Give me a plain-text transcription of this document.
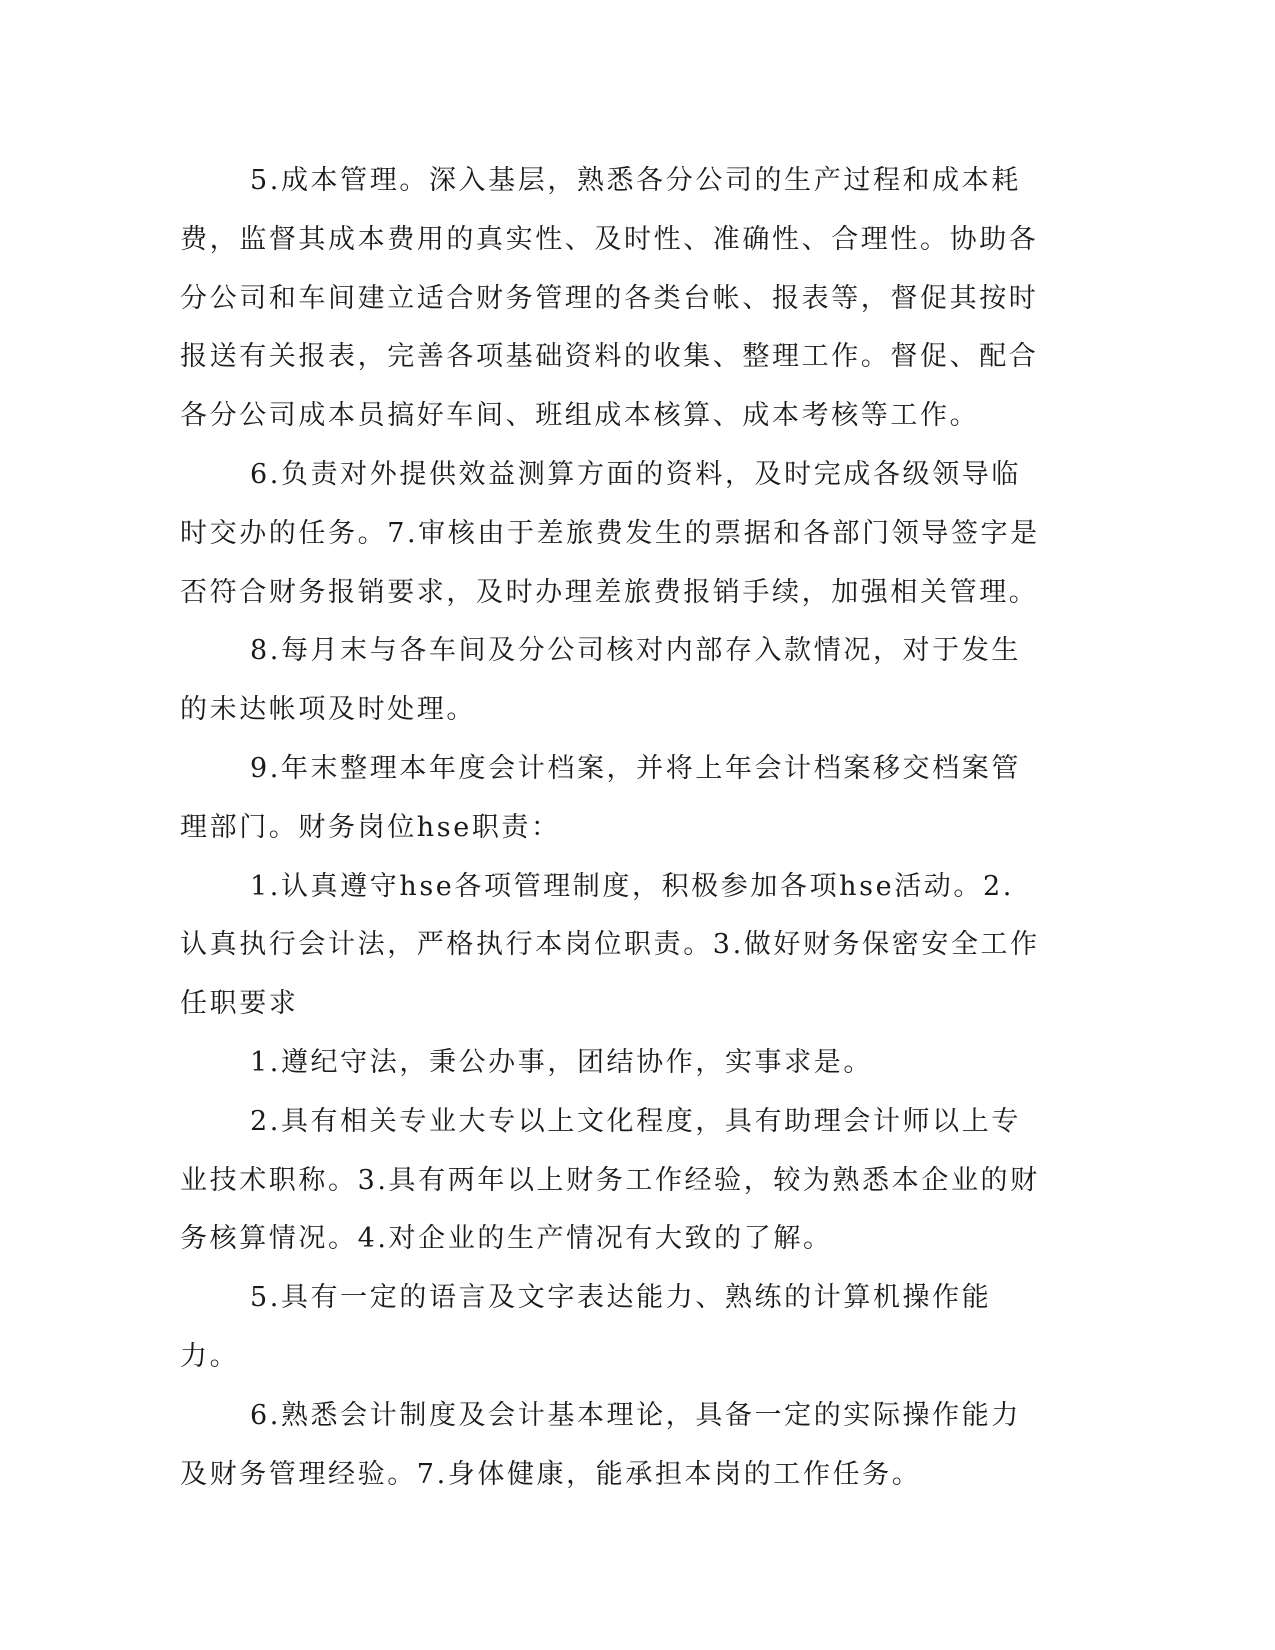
5.成本管理。深入基层，熟悉各分公司的生产过程和成本耗费，监督其成本费用的真实性、及时性、准确性、合理性。协助各分公司和车间建立适合财务管理的各类台帐、报表等，督促其按时报送有关报表，完善各项基础资料的收集、整理工作。督促、配合各分公司成本员搞好车间、班组成本核算、成本考核等工作。

6.负责对外提供效益测算方面的资料，及时完成各级领导临时交办的任务。7.审核由于差旅费发生的票据和各部门领导签字是否符合财务报销要求，及时办理差旅费报销手续，加强相关管理。

8.每月末与各车间及分公司核对内部存入款情况，对于发生的未达帐项及时处理。

9.年末整理本年度会计档案，并将上年会计档案移交档案管理部门。财务岗位hse职责：

1.认真遵守hse各项管理制度，积极参加各项hse活动。2.认真执行会计法，严格执行本岗位职责。3.做好财务保密安全工作任职要求

1.遵纪守法，秉公办事，团结协作，实事求是。

2.具有相关专业大专以上文化程度，具有助理会计师以上专业技术职称。3.具有两年以上财务工作经验，较为熟悉本企业的财务核算情况。4.对企业的生产情况有大致的了解。

5.具有一定的语言及文字表达能力、熟练的计算机操作能力。

6.熟悉会计制度及会计基本理论，具备一定的实际操作能力及财务管理经验。7.身体健康，能承担本岗的工作任务。
